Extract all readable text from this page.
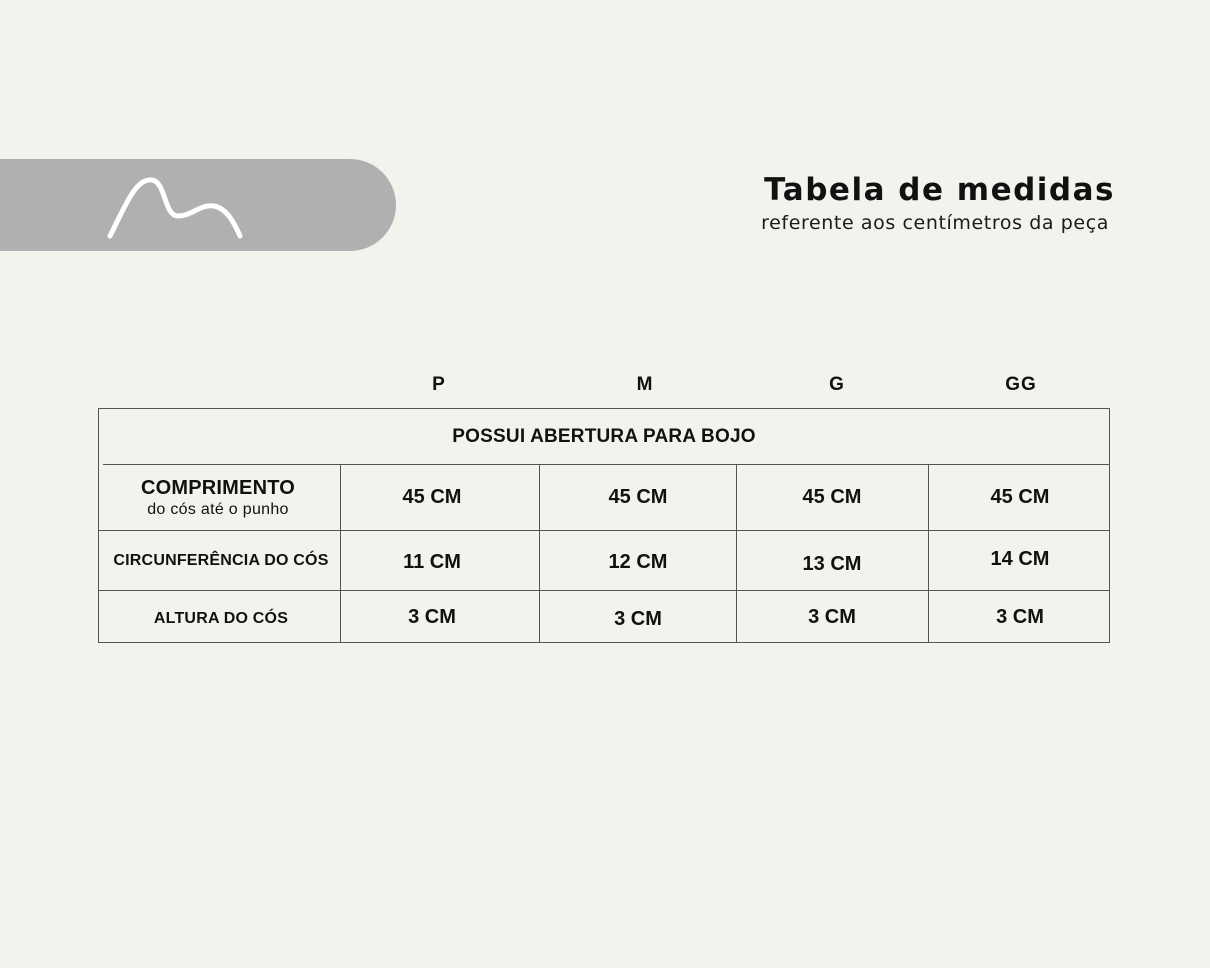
Tabela de medidas
referente aos centímetros da peça
P	M	G	GG
POSSUI ABERTURA PARA BOJO
COMPRIMENTO
do cós até o punho
45 CM	45 CM	45 CM	45 CM
CIRCUNFERÊNCIA DO CÓS	11 CM	12 CM	13 CM	14 CM
ALTURA DO CÓS	3 CM	3 CM	3 CM	3 CM
